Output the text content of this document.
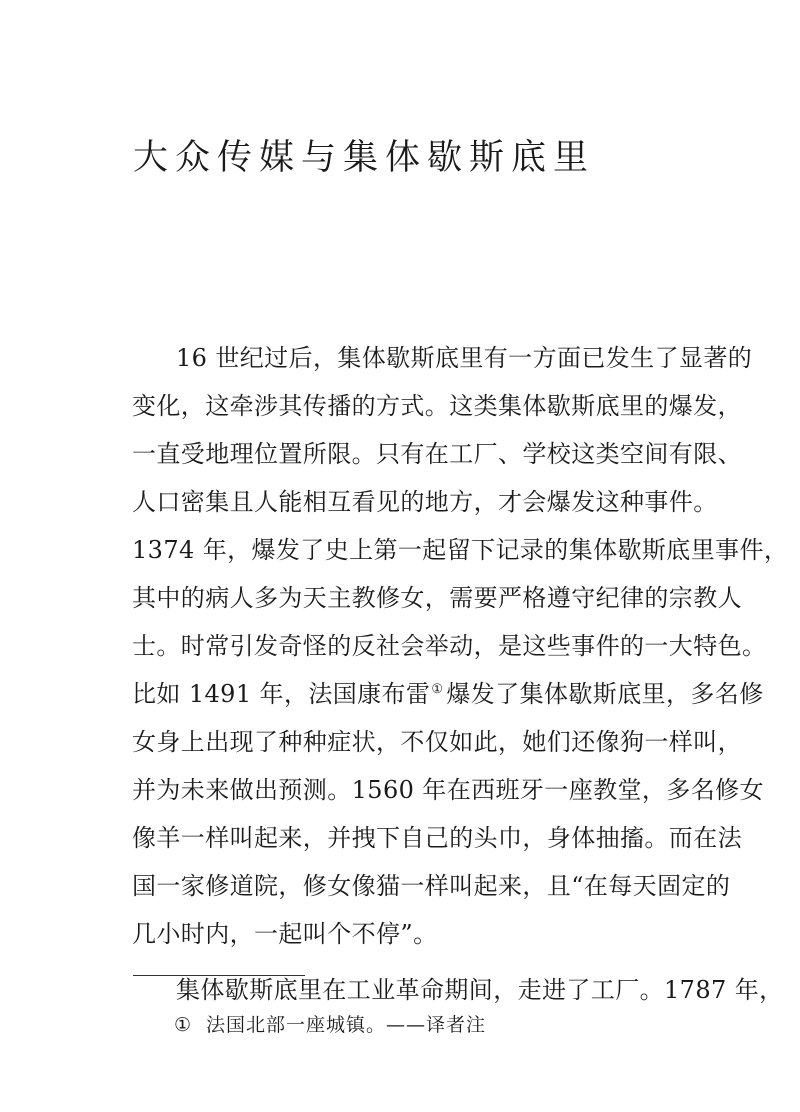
大众传媒与集体歇斯底里
16 世纪过后，集体歇斯底里有一方面已发生了显著的
变化，这牵涉其传播的方式。这类集体歇斯底里的爆发，
一直受地理位置所限。只有在工厂、学校这类空间有限、
人口密集且人能相互看见的地方，才会爆发这种事件。
1374 年，爆发了史上第一起留下记录的集体歇斯底里事件，
其中的病人多为天主教修女，需要严格遵守纪律的宗教人
士。时常引发奇怪的反社会举动，是这些事件的一大特色。
比如 1491 年，法国康布雷① 爆发了集体歇斯底里，多名修
女身上出现了种种症状，不仅如此，她们还像狗一样叫，
并为未来做出预测。1560 年在西班牙一座教堂，多名修女
像羊一样叫起来，并拽下自己的头巾，身体抽搐。而在法
国一家修道院，修女像猫一样叫起来，且“在每天固定的
几小时内，一起叫个不停”。
集体歇斯底里在工业革命期间，走进了工厂。1787 年，
① 法国北部一座城镇。——译者注
